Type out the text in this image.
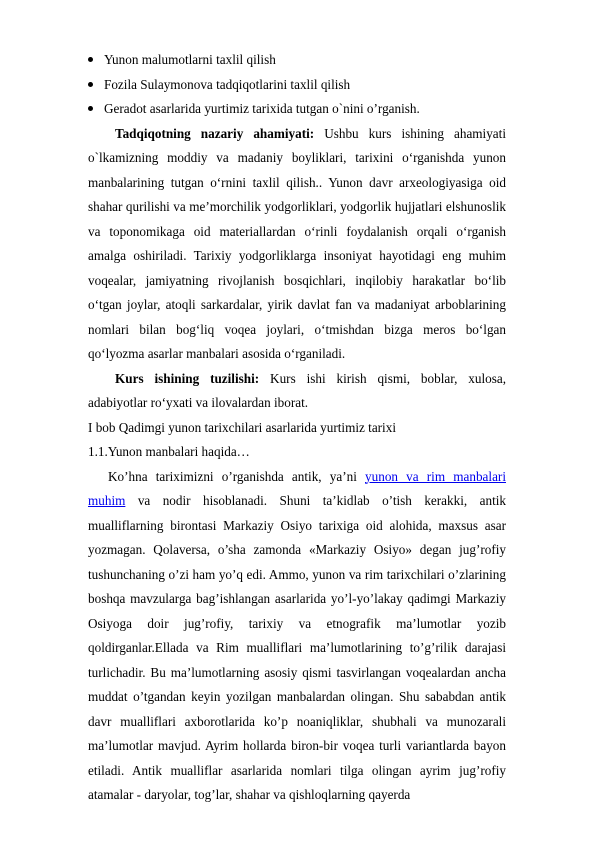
Yunon malumotlarni taxlil qilish
Fozila Sulaymonova tadqiqotlarini taxlil qilish
Geradot asarlarida yurtimiz tarixida tutgan o`nini o’rganish.

Tadqiqotning nazariy ahamiyati: Ushbu kurs ishining ahamiyati o`lkamizning moddiy va madaniy boyliklari, tarixini o‘rganishda yunon manbalarining tutgan o‘rnini taxlil qilish.. Yunon davr arxeologiyasiga oid shahar qurilishi va me’morchilik yodgorliklari, yodgorlik hujjatlari elshunoslik va toponomikaga oid materiallardan o‘rinli foydalanish orqali o‘rganish amalga oshiriladi. Tarixiy yodgorliklarga insoniyat hayotidagi eng muhim voqealar, jamiyatning rivojlanish bosqichlari, inqilobiy harakatlar bo‘lib o‘tgan joylar, atoqli sarkardalar, yirik davlat fan va madaniyat arboblarining nomlari bilan bog‘liq voqea joylari, o‘tmishdan bizga meros bo‘lgan qo‘lyozma asarlar manbalari asosida o‘rganiladi.

Kurs ishining tuzilishi: Kurs ishi kirish qismi, boblar, xulosa, adabiyotlar ro‘yxati va ilovalardan iborat.

I bob Qadimgi yunon tarixchilari asarlarida yurtimiz tarixi

1.1.Yunon manbalari haqida…

Ko’hna tariximizni o’rganishda antik, ya’ni yunon va rim manbalari muhim va nodir hisoblanadi. Shuni ta’kidlab o’tish kerakki, antik mualliflarning birontasi Markaziy Osiyo tarixiga oid alohida, maxsus asar yozmagan. Qolaversa, o’sha zamonda «Markaziy Osiyo» degan jug’rofiy tushunchaning o’zi ham yo’q edi. Ammo, yunon va rim tarixchilari o’zlarining boshqa mavzularga bag’ishlangan asarlarida yo’l-yo’lakay qadimgi Markaziy Osiyoga doir jug’rofiy, tarixiy va etnografik ma’lumotlar yozib qoldirganlar.Ellada va Rim mualliflari ma’lumotlarining to’g’rilik darajasi turlichadir. Bu ma’lumotlarning asosiy qismi tasvirlangan voqealardan ancha muddat o’tgandan keyin yozilgan manbalardan olingan. Shu sababdan antik davr mualliflari axborotlarida ko’p noaniqliklar, shubhali va munozarali ma’lumotlar mavjud. Ayrim hollarda biron-bir voqea turli variantlarda bayon etiladi. Antik mualliflar asarlarida nomlari tilga olingan ayrim jug’rofiy atamalar - daryolar, tog’lar, shahar va qishloqlarning qayerda
